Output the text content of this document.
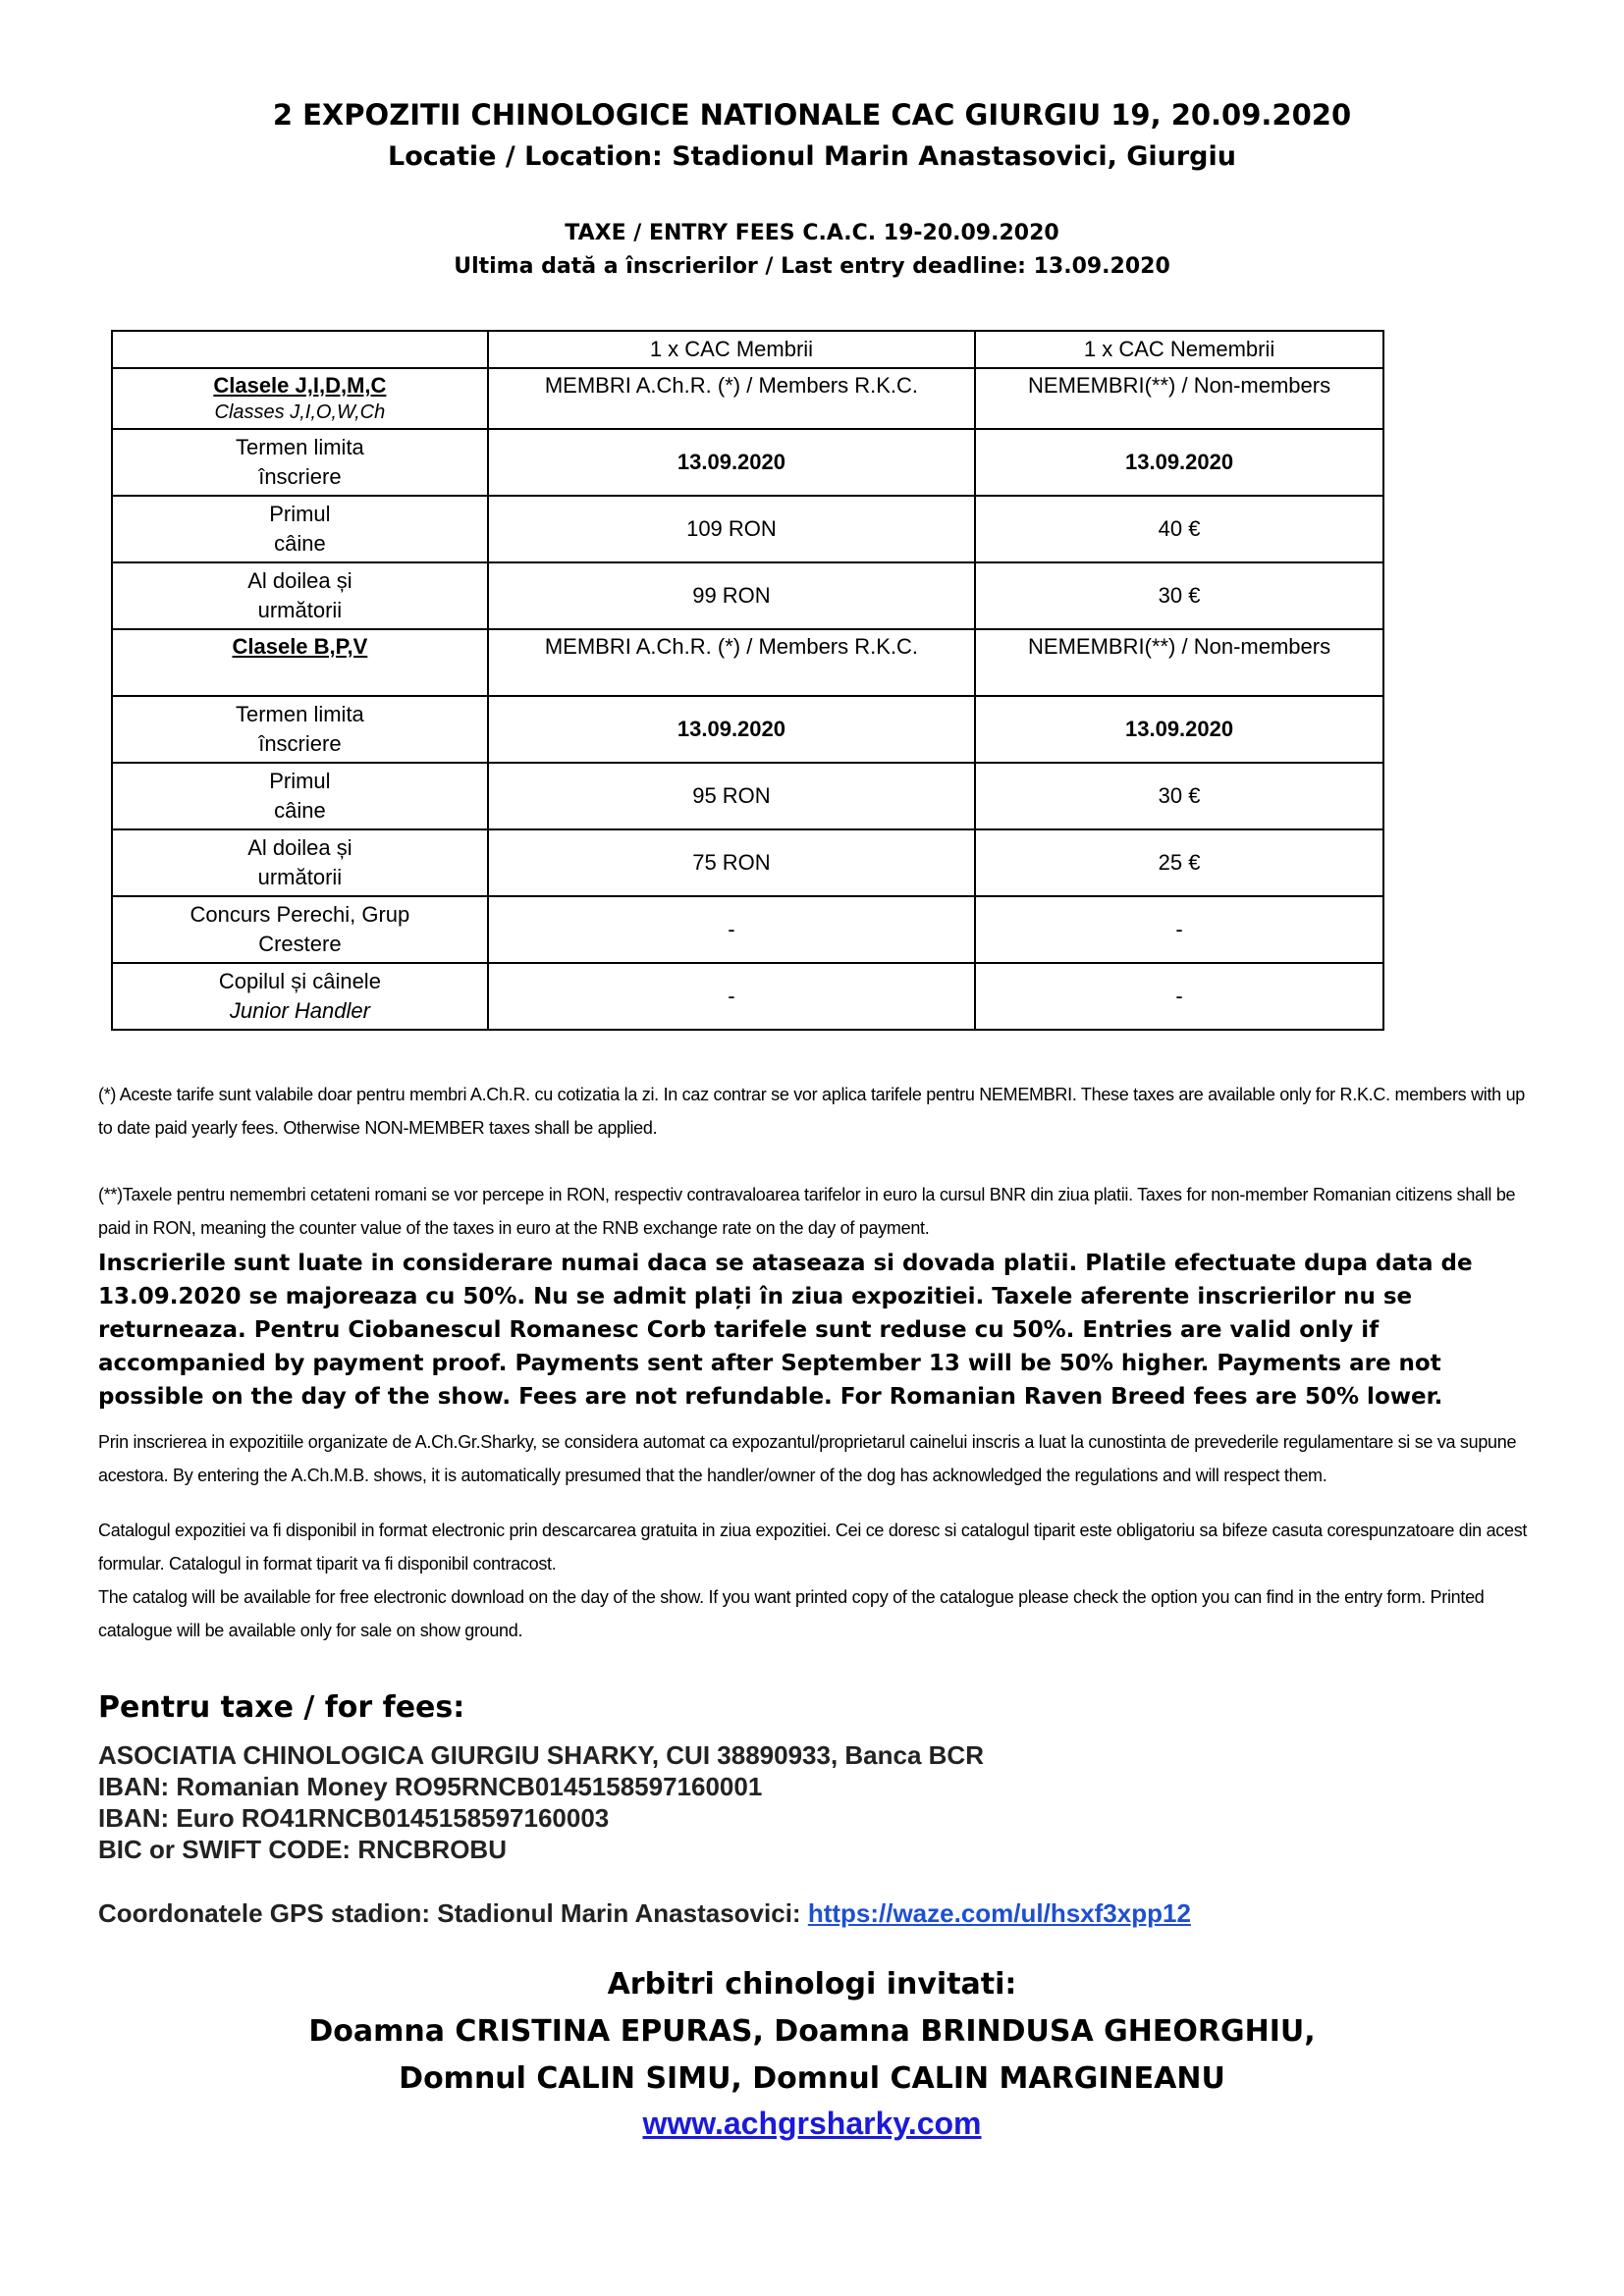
2 EXPOZITII CHINOLOGICE NATIONALE CAC GIURGIU 19, 20.09.2020
Locatie / Location: Stadionul Marin Anastasovici, Giurgiu
TAXE / ENTRY FEES C.A.C. 19-20.09.2020
Ultima dată a înscrierilor / Last entry deadline: 13.09.2020
	1 x CAC Membrii	1 x CAC Nemembrii

Clasele J,I,D,M,C
Classes J,I,O,W,Ch	MEMBRI A.Ch.R. (*) / Members R.K.C.	NEMEMBRI(**) / Non-members

Termen limita
înscriere	13.09.2020	13.09.2020

Primul
câine	109 RON	40 €

Al doilea și
următorii	99 RON	30 €

Clasele B,P,V	MEMBRI A.Ch.R. (*) / Members R.K.C.	NEMEMBRI(**) / Non-members

Termen limita
înscriere	13.09.2020	13.09.2020

Primul
câine	95 RON	30 €

Al doilea și
următorii	75 RON	25 €

Concurs Perechi, Grup
Crestere	-	-

Copilul și câinele
Junior Handler	-	-
(*) Aceste tarife sunt valabile doar pentru membri A.Ch.R. cu cotizatia la zi. In caz contrar se vor aplica tarifele pentru NEMEMBRI. These taxes are available only for R.K.C. members with up to date paid yearly fees. Otherwise NON-MEMBER taxes shall be applied.
(**)Taxele pentru nemembri cetateni romani se vor percepe in RON, respectiv contravaloarea tarifelor in euro la cursul BNR din ziua platii. Taxes for non-member Romanian citizens shall be paid in RON, meaning the counter value of the taxes in euro at the RNB exchange rate on the day of payment.
Inscrierile sunt luate in considerare numai daca se ataseaza si dovada platii. Platile efectuate dupa data de 13.09.2020 se majoreaza cu 50%. Nu se admit plați în ziua expozitiei. Taxele aferente inscrierilor nu se returneaza. Pentru Ciobanescul Romanesc Corb tarifele sunt reduse cu 50%. Entries are valid only if accompanied by payment proof. Payments sent after September 13 will be 50% higher. Payments are not possible on the day of the show. Fees are not refundable. For Romanian Raven Breed fees are 50% lower.
Prin inscrierea in expozitiile organizate de A.Ch.Gr.Sharky, se considera automat ca expozantul/proprietarul cainelui inscris a luat la cunostinta de prevederile regulamentare si se va supune acestora. By entering the A.Ch.M.B. shows, it is automatically presumed that the handler/owner of the dog has acknowledged the regulations and will respect them.
Catalogul expozitiei va fi disponibil in format electronic prin descarcarea gratuita in ziua expozitiei. Cei ce doresc si catalogul tiparit este obligatoriu sa bifeze casuta corespunzatoare din acest formular. Catalogul in format tiparit va fi disponibil contracost.
The catalog will be available for free electronic download on the day of the show. If you want printed copy of the catalogue please check the option you can find in the entry form. Printed catalogue will be available only for sale on show ground.
Pentru taxe / for fees:
ASOCIATIA CHINOLOGICA GIURGIU SHARKY, CUI 38890933, Banca BCR
IBAN: Romanian Money RO95RNCB0145158597160001
IBAN: Euro RO41RNCB0145158597160003
BIC or SWIFT CODE: RNCBROBU
Coordonatele GPS stadion: Stadionul Marin Anastasovici: https://waze.com/ul/hsxf3xpp12
Arbitri chinologi invitati:
Doamna CRISTINA EPURAS, Doamna BRINDUSA GHEORGHIU,
Domnul CALIN SIMU, Domnul CALIN MARGINEANU
www.achgrsharky.com
